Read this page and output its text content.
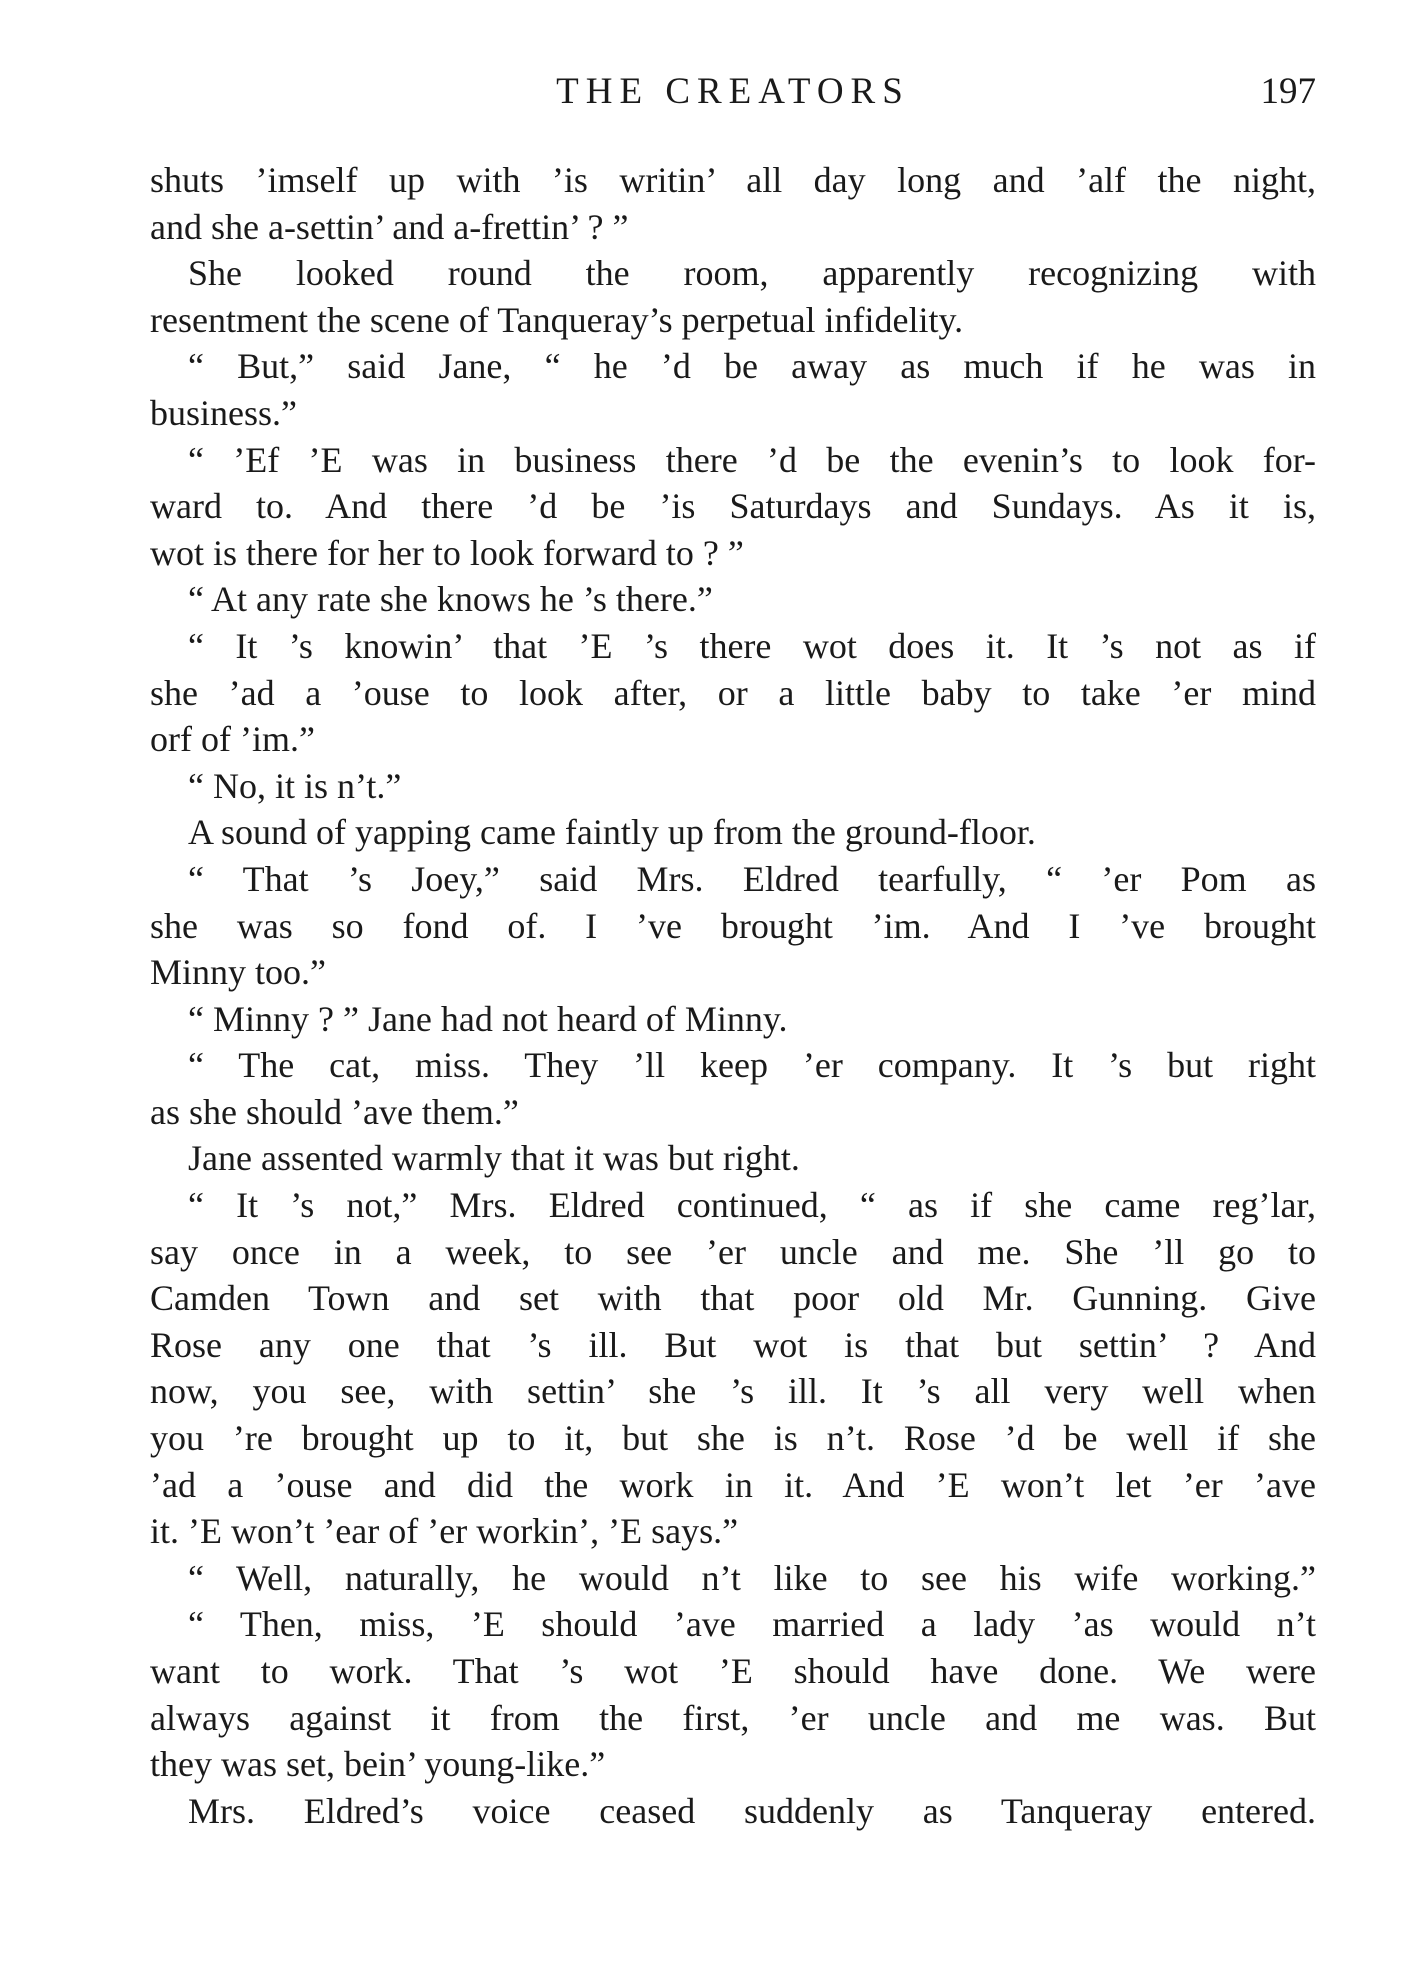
THE CREATORS	197
shuts ’imself up with ’is writin’ all day long and ’alf the night,
and she a-settin’ and a-frettin’ ? ”
She looked round the room, apparently recognizing with
resentment the scene of Tanqueray’s perpetual infidelity.
“ But,” said Jane, “ he ’d be away as much if he was in
business.”
“ ’Ef ’E was in business there ’d be the evenin’s to look for-
ward to. And there ’d be ’is Saturdays and Sundays. As it is,
wot is there for her to look forward to ? ”
“ At any rate she knows he ’s there.”
“ It ’s knowin’ that ’E ’s there wot does it. It ’s not as if
she ’ad a ’ouse to look after, or a little baby to take ’er mind
orf of ’im.”
“ No, it is n’t.”
A sound of yapping came faintly up from the ground-floor.
“ That ’s Joey,” said Mrs. Eldred tearfully, “ ’er Pom as
she was so fond of. I ’ve brought ’im. And I ’ve brought
Minny too.”
“ Minny ? ” Jane had not heard of Minny.
“ The cat, miss. They ’ll keep ’er company. It ’s but right
as she should ’ave them.”
Jane assented warmly that it was but right.
“ It ’s not,” Mrs. Eldred continued, “ as if she came reg’lar,
say once in a week, to see ’er uncle and me. She ’ll go to
Camden Town and set with that poor old Mr. Gunning. Give
Rose any one that ’s ill. But wot is that but settin’ ? And
now, you see, with settin’ she ’s ill. It ’s all very well when
you ’re brought up to it, but she is n’t. Rose ’d be well if she
’ad a ’ouse and did the work in it. And ’E won’t let ’er ’ave
it. ’E won’t ’ear of ’er workin’, ’E says.”
“ Well, naturally, he would n’t like to see his wife working.”
“ Then, miss, ’E should ’ave married a lady ’as would n’t
want to work. That ’s wot ’E should have done. We were
always against it from the first, ’er uncle and me was. But
they was set, bein’ young-like.”
Mrs. Eldred’s voice ceased suddenly as Tanqueray entered.
